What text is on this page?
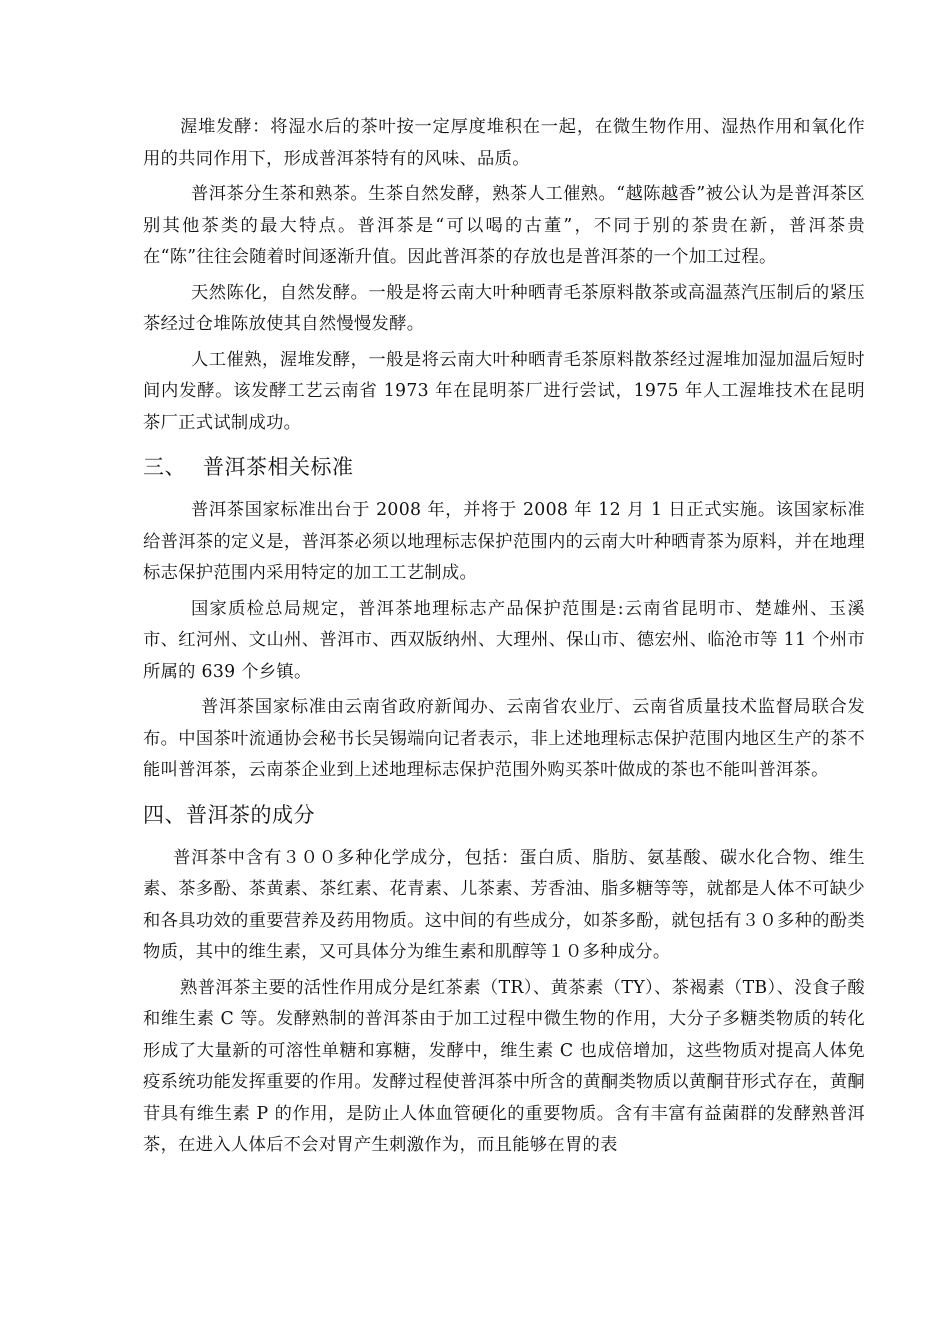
渥堆发酵：将湿水后的茶叶按一定厚度堆积在一起，在微生物作用、湿热作用和氧化作用的共同作用下，形成普洱茶特有的风味、品质。

普洱茶分生茶和熟茶。生茶自然发酵，熟茶人工催熟。“越陈越香”被公认为是普洱茶区别其他茶类的最大特点。普洱茶是“可以喝的古董”，不同于别的茶贵在新，普洱茶贵在“陈”往往会随着时间逐渐升值。因此普洱茶的存放也是普洱茶的一个加工过程。

天然陈化，自然发酵。一般是将云南大叶种晒青毛茶原料散茶或高温蒸汽压制后的紧压茶经过仓堆陈放使其自然慢慢发酵。

人工催熟，渥堆发酵，一般是将云南大叶种晒青毛茶原料散茶经过渥堆加湿加温后短时间内发酵。该发酵工艺云南省 1973 年在昆明茶厂进行尝试，1975 年人工渥堆技术在昆明茶厂正式试制成功。

三、 普洱茶相关标准

普洱茶国家标准出台于 2008 年，并将于 2008 年 12 月 1 日正式实施。该国家标准给普洱茶的定义是，普洱茶必须以地理标志保护范围内的云南大叶种晒青茶为原料，并在地理标志保护范围内采用特定的加工工艺制成。

国家质检总局规定，普洱茶地理标志产品保护范围是:云南省昆明市、楚雄州、玉溪市、红河州、文山州、普洱市、西双版纳州、大理州、保山市、德宏州、临沧市等 11 个州市所属的 639 个乡镇。

普洱茶国家标准由云南省政府新闻办、云南省农业厅、云南省质量技术监督局联合发布。中国茶叶流通协会秘书长吴锡端向记者表示，非上述地理标志保护范围内地区生产的茶不能叫普洱茶，云南茶企业到上述地理标志保护范围外购买茶叶做成的茶也不能叫普洱茶。

四、普洱茶的成分

普洱茶中含有３００多种化学成分，包括：蛋白质、脂肪、氨基酸、碳水化合物、维生素、茶多酚、茶黄素、茶红素、花青素、儿茶素、芳香油、脂多糖等等，就都是人体不可缺少和各具功效的重要营养及药用物质。这中间的有些成分，如茶多酚，就包括有３０多种的酚类物质，其中的维生素，又可具体分为维生素和肌醇等１０多种成分。

熟普洱茶主要的活性作用成分是红茶素（TR）、黄茶素（TY）、茶褐素（TB）、没食子酸和维生素 C 等。发酵熟制的普洱茶由于加工过程中微生物的作用，大分子多糖类物质的转化形成了大量新的可溶性单糖和寡糖，发酵中，维生素 C 也成倍增加，这些物质对提高人体免疫系统功能发挥重要的作用。发酵过程使普洱茶中所含的黄酮类物质以黄酮苷形式存在，黄酮苷具有维生素 P 的作用，是防止人体血管硬化的重要物质。含有丰富有益菌群的发酵熟普洱茶，在进入人体后不会对胃产生刺激作为，而且能够在胃的表
